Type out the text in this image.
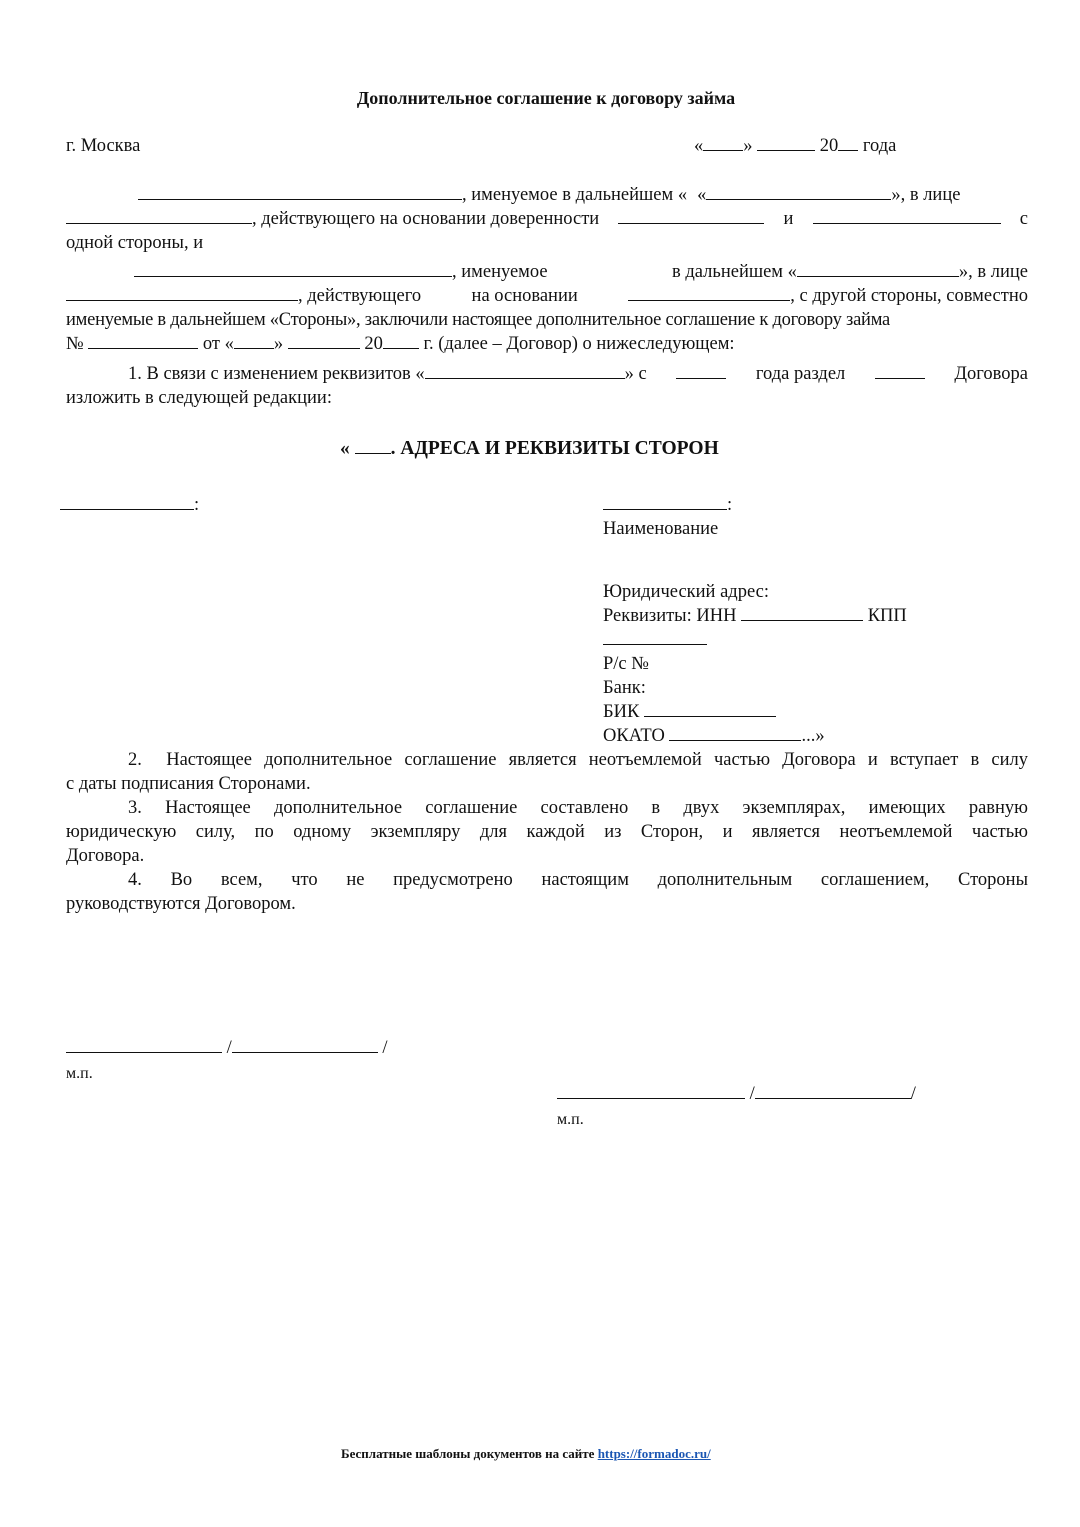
Дополнительное соглашение к договору займа
г. Москва	« »	20 года
, именуемое в дальнейшем « «	», в лице
, действующего на основании доверенности	и	с
одной стороны, и
, именуемое	в дальнейшем «	», в лице
, действующего	на основании	, с другой стороны, совместно
именуемые в дальнейшем «Стороны», заключили настоящее дополнительное соглашение к договору займа
№	от « »	20 г. (далее – Договор) о нижеследующем:
1. В связи с изменением реквизитов «	» с	года раздел	Договора
изложить в следующей редакции:
« . АДРЕСА И РЕКВИЗИТЫ СТОРОН
:	:
Наименование
Юридический адрес:
Реквизиты: ИНН	КПП
Р/с №
Банк:
БИК
ОКАТО	...»
2. Настоящее дополнительное соглашение является неотъемлемой частью Договора и вступает в силу
с даты подписания Сторонами.
3. Настоящее дополнительное соглашение составлено в двух экземплярах, имеющих равную
юридическую силу, по одному экземпляру для каждой из Сторон, и является неотъемлемой частью
Договора.
4. Во всем, что не предусмотрено настоящим дополнительным соглашением, Стороны
руководствуются Договором.
/	/
м.п.
/	/
м.п.
Бесплатные шаблоны документов на сайте https://formadoc.ru/
